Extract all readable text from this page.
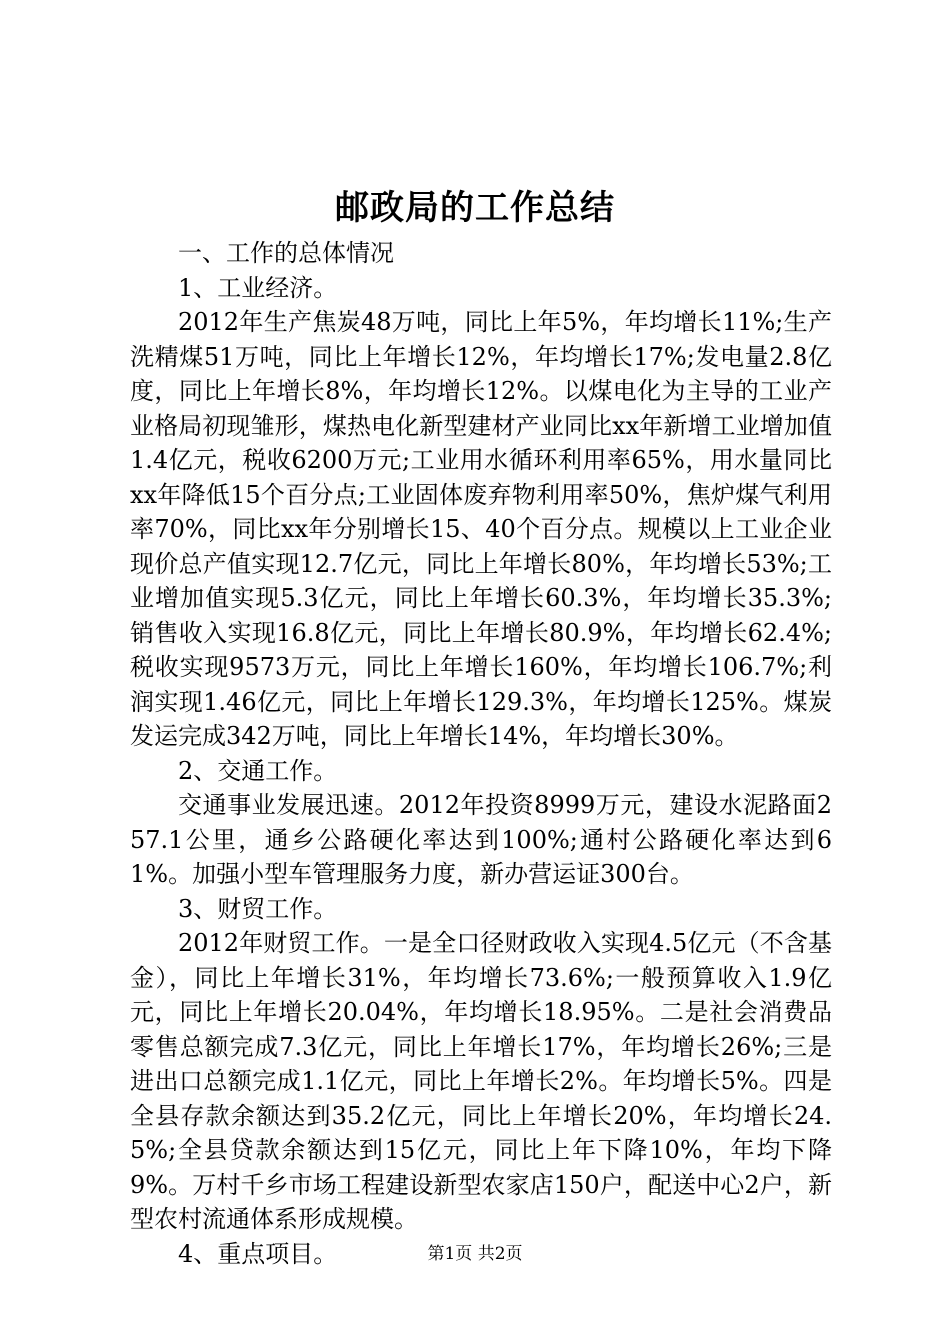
邮政局的工作总结

一、工作的总体情况

1、工业经济。

2012年生产焦炭48万吨，同比上年5%，年均增长11%;生产洗精煤51万吨，同比上年增长12%，年均增长17%;发电量2.8亿度，同比上年增长8%，年均增长12%。以煤电化为主导的工业产业格局初现雏形，煤热电化新型建材产业同比xx年新增工业增加值1.4亿元，税收6200万元;工业用水循环利用率65%，用水量同比xx年降低15个百分点;工业固体废弃物利用率50%，焦炉煤气利用率70%，同比xx年分别增长15、40个百分点。规模以上工业企业现价总产值实现12.7亿元，同比上年增长80%，年均增长53%;工业增加值实现5.3亿元，同比上年增长60.3%，年均增长35.3%;销售收入实现16.8亿元，同比上年增长80.9%，年均增长62.4%;税收实现9573万元，同比上年增长160%，年均增长106.7%;利润实现1.46亿元，同比上年增长129.3%，年均增长125%。煤炭发运完成342万吨，同比上年增长14%，年均增长30%。

2、交通工作。

交通事业发展迅速。2012年投资8999万元，建设水泥路面257.1公里，通乡公路硬化率达到100%;通村公路硬化率达到61%。加强小型车管理服务力度，新办营运证300台。

3、财贸工作。

2012年财贸工作。一是全口径财政收入实现4.5亿元（不含基金），同比上年增长31%，年均增长73.6%;一般预算收入1.9亿元，同比上年增长20.04%，年均增长18.95%。二是社会消费品零售总额完成7.3亿元，同比上年增长17%，年均增长26%;三是进出口总额完成1.1亿元，同比上年增长2%。年均增长5%。四是全县存款余额达到35.2亿元，同比上年增长20%，年均增长24.5%;全县贷款余额达到15亿元，同比上年下降10%，年均下降9%。万村千乡市场工程建设新型农家店150户，配送中心2户，新型农村流通体系形成规模。

4、重点项目。	第1页 共2页
